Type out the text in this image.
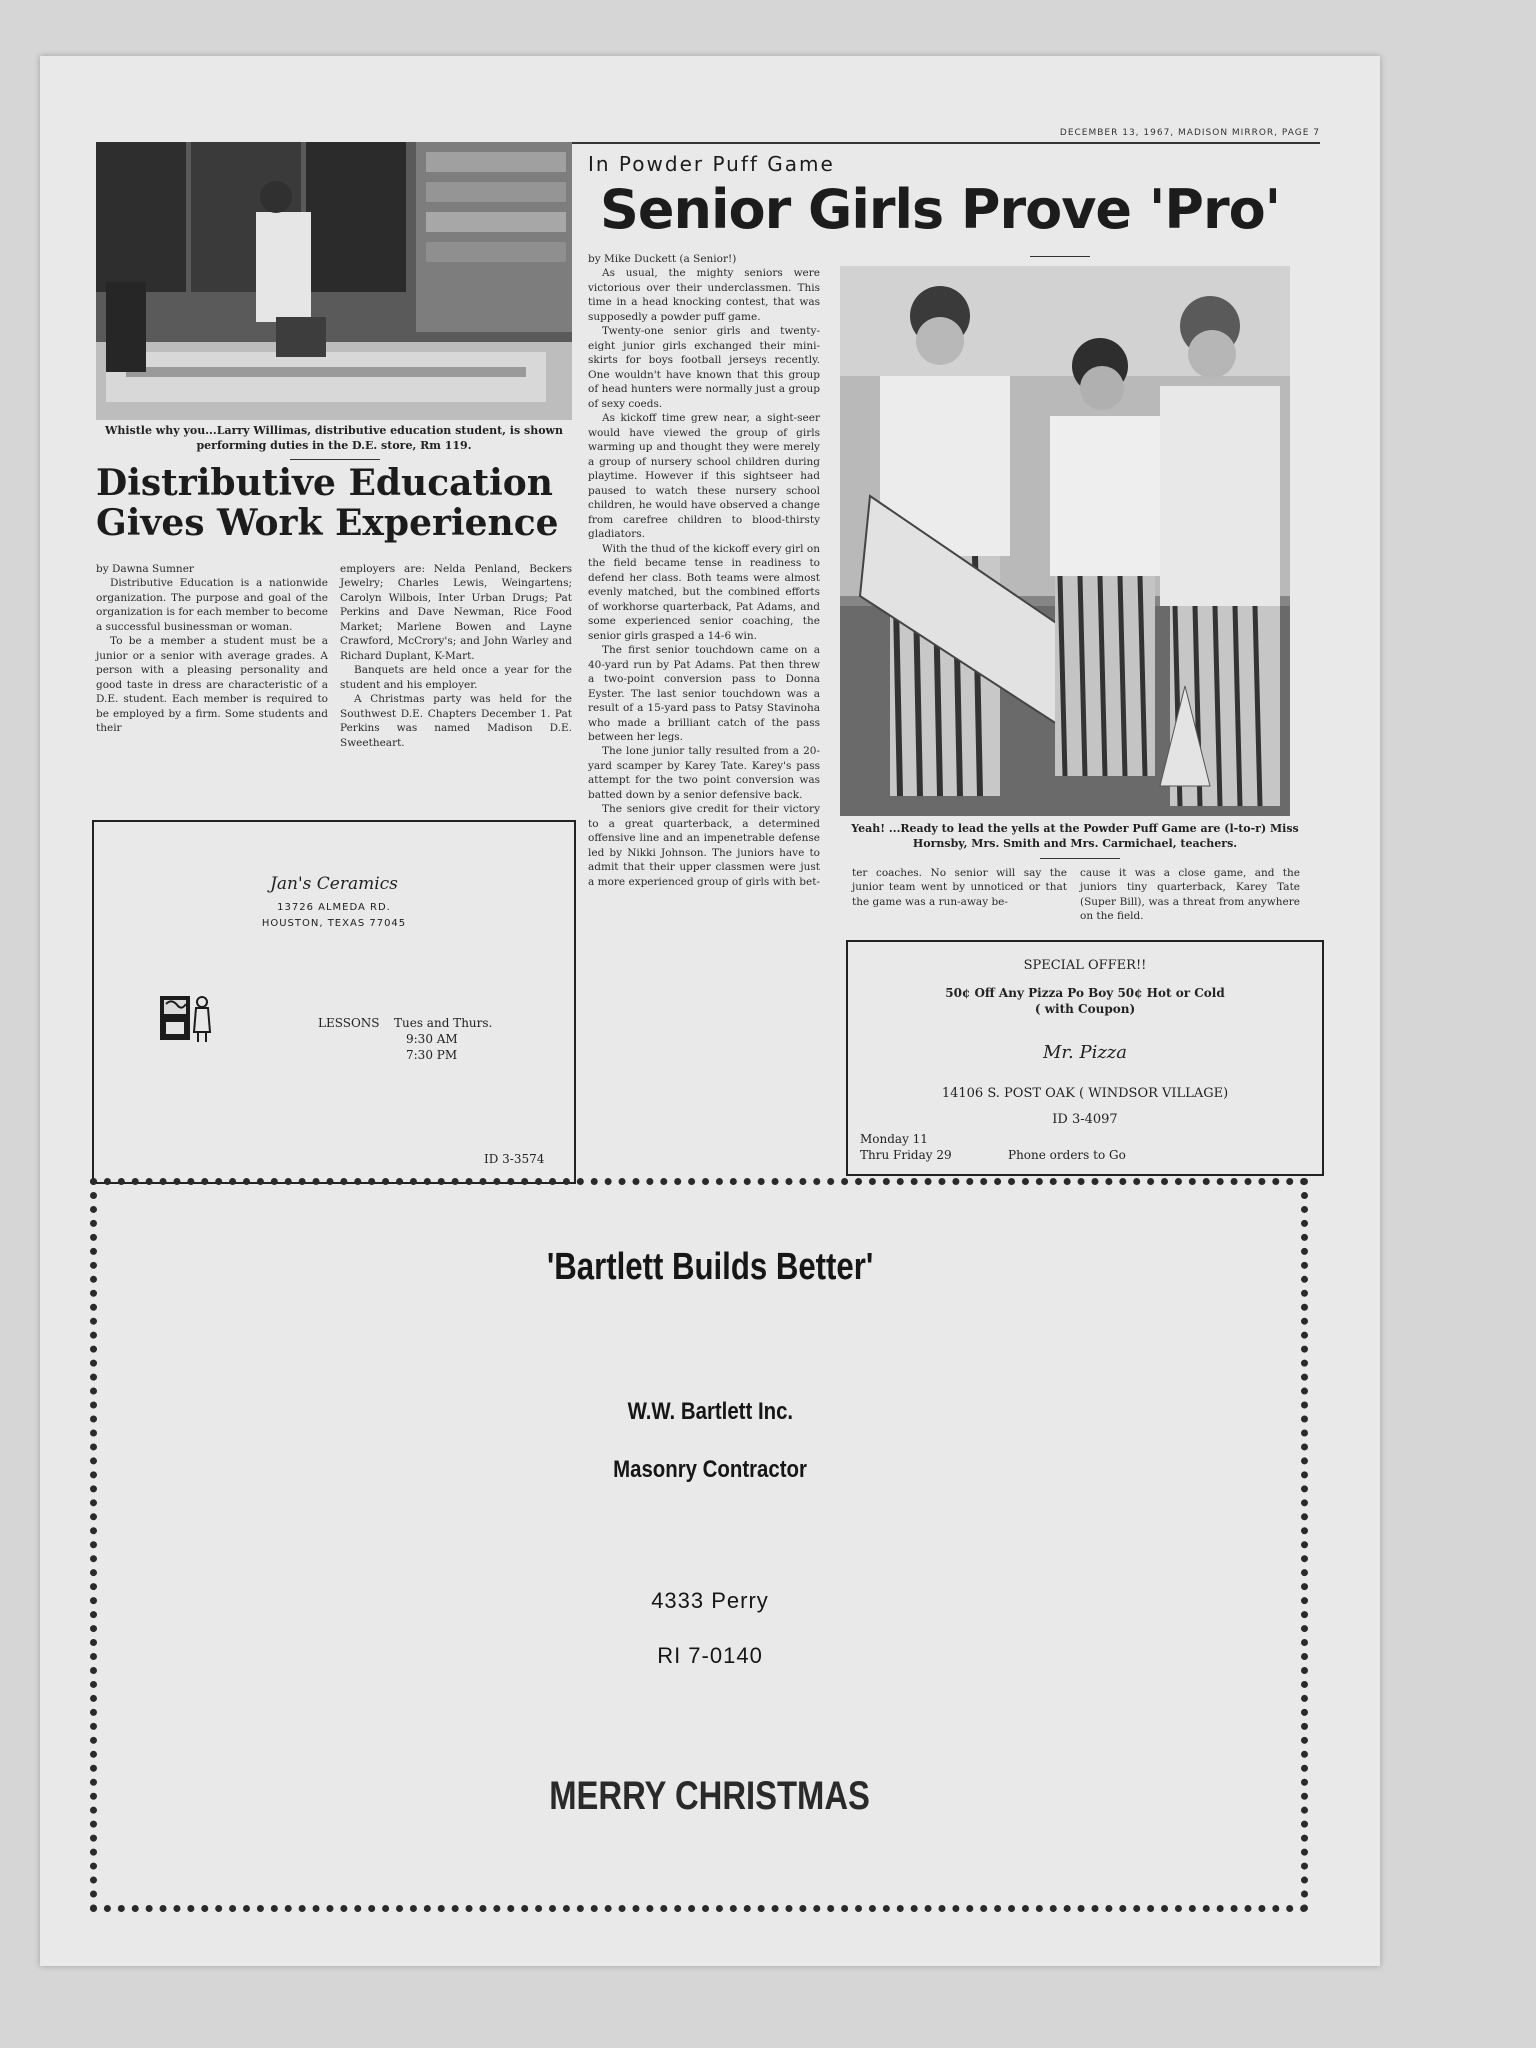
DECEMBER 13, 1967, MADISON MIRROR, PAGE 7
Whistle why you...Larry Willimas, distributive education student, is shown performing duties in the D.E. store, Rm 119.
Distributive Education
Gives Work Experience
by Dawna Sumner

Distributive Education is a nationwide organization. The purpose and goal of the organization is for each member to become a successful businessman or woman.

To be a member a student must be a junior or a senior with average grades. A person with a pleasing personality and good taste in dress are characteristic of a D.E. student. Each member is required to be employed by a firm. Some students and their

employers are: Nelda Penland, Beckers Jewelry; Charles Lewis, Weingartens; Carolyn Wilbois, Inter Urban Drugs; Pat Perkins and Dave Newman, Rice Food Market; Marlene Bowen and Layne Crawford, McCrory's; and John Warley and Richard Duplant, K-Mart.

Banquets are held once a year for the student and his employer.

A Christmas party was held for the Southwest D.E. Chapters December 1. Pat Perkins was named Madison D.E. Sweetheart.

Jan's Ceramics
13726 ALMEDA RD.
HOUSTON, TEXAS 77045
LESSONS Tues and Thurs.
9:30 AM
7:30 PM
ID 3-3574
In Powder Puff Game
Senior Girls Prove 'Pro'
by Mike Duckett (a Senior!)

As usual, the mighty seniors were victorious over their underclassmen. This time in a head knocking contest, that was supposedly a powder puff game.

Twenty-one senior girls and twenty-eight junior girls exchanged their mini-skirts for boys football jerseys recently. One wouldn't have known that this group of head hunters were normally just a group of sexy coeds.

As kickoff time grew near, a sight-seer would have viewed the group of girls warming up and thought they were merely a group of nursery school children during playtime. However if this sightseer had paused to watch these nursery school children, he would have observed a change from carefree children to blood-thirsty gladiators.

With the thud of the kickoff every girl on the field became tense in readiness to defend her class. Both teams were almost evenly matched, but the combined efforts of workhorse quarterback, Pat Adams, and some experienced senior coaching, the senior girls grasped a 14-6 win.

The first senior touchdown came on a 40-yard run by Pat Adams. Pat then threw a two-point conversion pass to Donna Eyster. The last senior touchdown was a result of a 15-yard pass to Patsy Stavinoha who made a brilliant catch of the pass between her legs.

The lone junior tally resulted from a 20-yard scamper by Karey Tate. Karey's pass attempt for the two point conversion was batted down by a senior defensive back.

The seniors give credit for their victory to a great quarterback, a determined offensive line and an impenetrable defense led by Nikki Johnson. The juniors have to admit that their upper classmen were just a more experienced group of girls with bet-

Yeah! ...Ready to lead the yells at the Powder Puff Game are (l-to-r) Miss Hornsby, Mrs. Smith and Mrs. Carmichael, teachers.
ter coaches. No senior will say the junior team went by unnoticed or that the game was a run-away be-
cause it was a close game, and the juniors tiny quarterback, Karey Tate (Super Bill), was a threat from anywhere on the field.
SPECIAL OFFER!!
50¢ Off Any Pizza Po Boy 50¢ Hot or Cold
( with Coupon)
Mr. Pizza
14106 S. POST OAK ( WINDSOR VILLAGE)
ID 3-4097
Monday 11
Thru Friday 29	Phone orders to Go
'Bartlett Builds Better'
W.W. Bartlett Inc.
Masonry Contractor
4333 Perry
RI 7-0140
MERRY CHRISTMAS
